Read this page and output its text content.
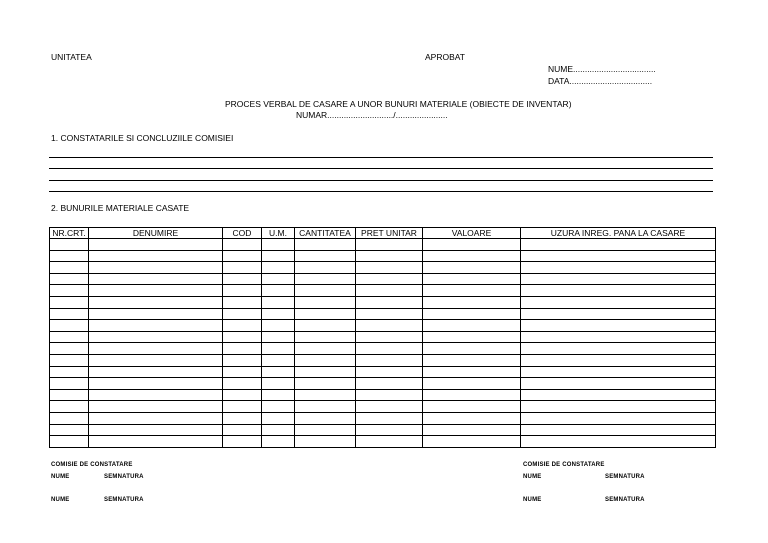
UNITATEA	APROBAT
NUME...................................
DATA...................................
PROCES VERBAL DE CASARE A UNOR BUNURI MATERIALE (OBIECTE DE INVENTAR)
NUMAR............................/......................
1. CONSTATARILE SI CONCLUZIILE COMISIEI
2. BUNURILE MATERIALE CASATE
NR.CRT.	DENUMIRE	COD	U.M.	CANTITATEA	PRET UNITAR	VALOARE	UZURA INREG. PANA LA CASARE

COMISIE DE CONSTATARE
NUME	SEMNATURA
NUME	SEMNATURA
COMISIE DE CONSTATARE
NUME	SEMNATURA
NUME	SEMNATURA
